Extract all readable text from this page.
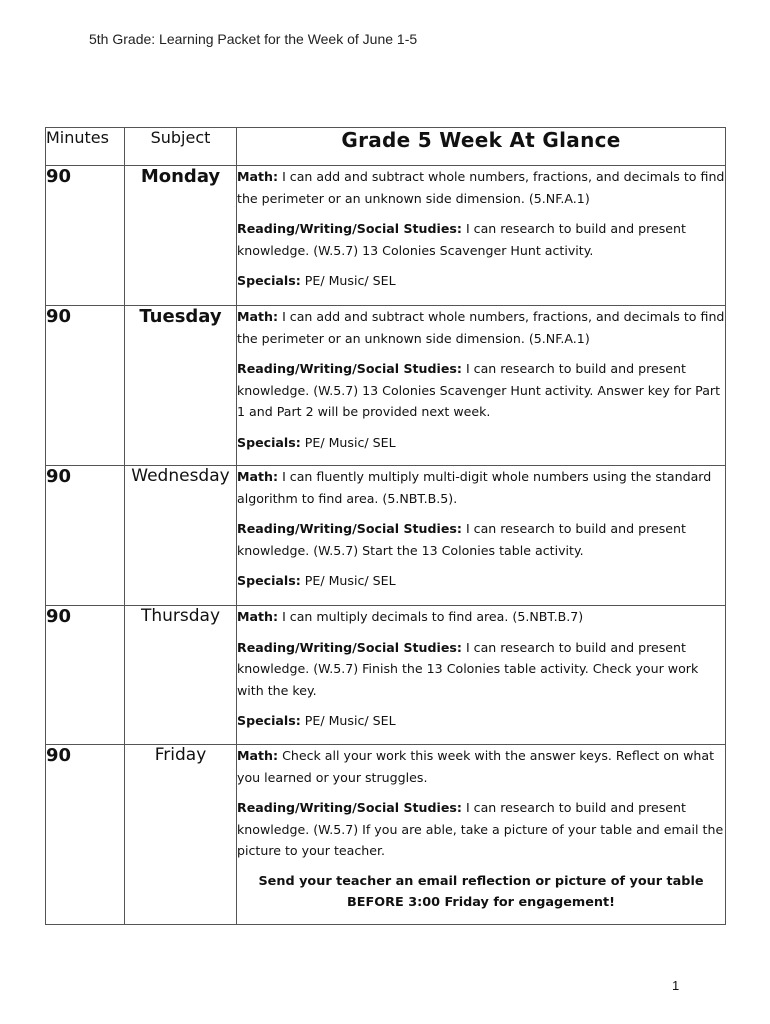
5th Grade: Learning Packet for the Week of June 1-5
Minutes	Subject	Grade 5 Week At Glance
90	Monday	Math: I can add and subtract whole numbers, fractions, and decimals to find the perimeter or an unknown side dimension. (5.NF.A.1)

Reading/Writing/Social Studies: I can research to build and present knowledge. (W.5.7) 13 Colonies Scavenger Hunt activity.

Specials: PE/ Music/ SEL

90	Tuesday	Math: I can add and subtract whole numbers, fractions, and decimals to find the perimeter or an unknown side dimension. (5.NF.A.1)

Reading/Writing/Social Studies: I can research to build and present knowledge. (W.5.7) 13 Colonies Scavenger Hunt activity. Answer key for Part 1 and Part 2 will be provided next week.

Specials: PE/ Music/ SEL

90	Wednesday	Math: I can fluently multiply multi-digit whole numbers using the standard algorithm to find area. (5.NBT.B.5).

Reading/Writing/Social Studies: I can research to build and present knowledge. (W.5.7) Start the 13 Colonies table activity.

Specials: PE/ Music/ SEL

90	Thursday	Math: I can multiply decimals to find area. (5.NBT.B.7)

Reading/Writing/Social Studies: I can research to build and present knowledge. (W.5.7) Finish the 13 Colonies table activity. Check your work with the key.

Specials: PE/ Music/ SEL

90	Friday	Math: Check all your work this week with the answer keys. Reflect on what you learned or your struggles.

Reading/Writing/Social Studies: I can research to build and present knowledge. (W.5.7) If you are able, take a picture of your table and email the picture to your teacher.

Send your teacher an email reflection or picture of your table BEFORE 3:00 Friday for engagement!

1
